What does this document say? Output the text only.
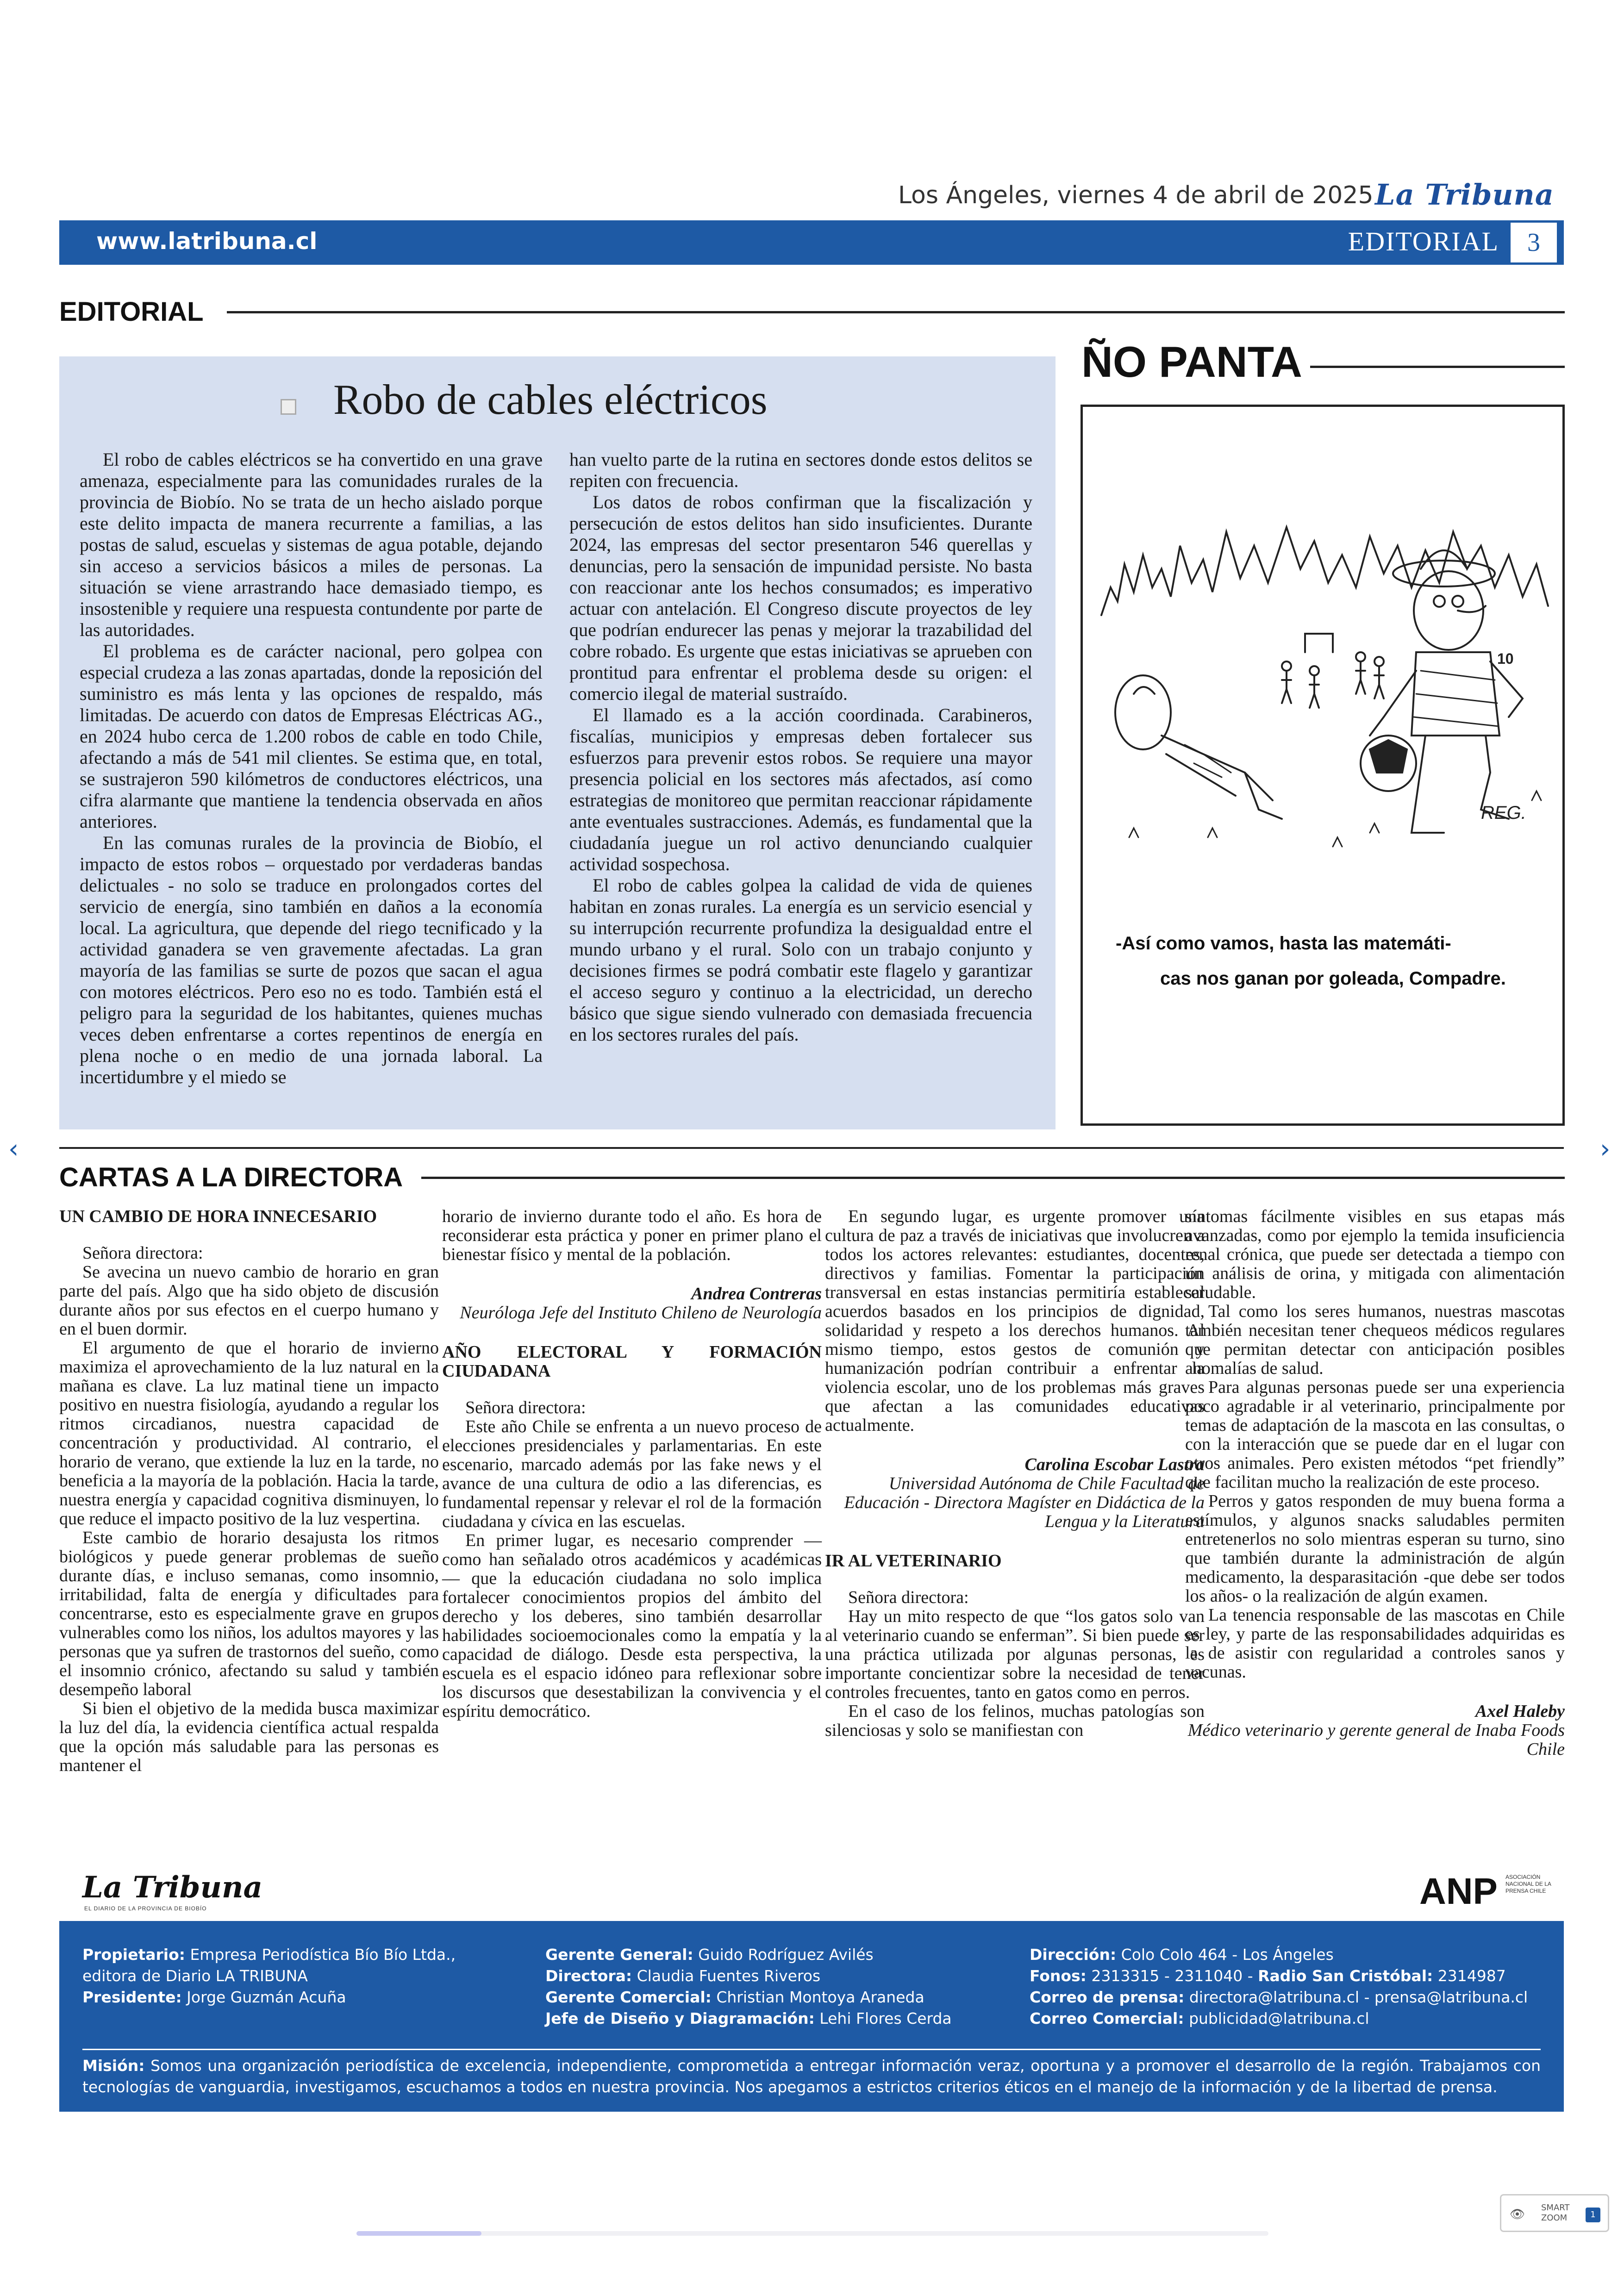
Los Ángeles, viernes 4 de abril de 2025 La Tribuna
www.latribuna.cl	EDITORIAL	3
EDITORIAL
Robo de cables eléctricos

El robo de cables eléctricos se ha convertido en una grave amenaza, especialmente para las comunidades rurales de la provincia de Biobío. No se trata de un hecho aislado porque este delito impacta de manera recurrente a familias, a las postas de salud, escuelas y sistemas de agua potable, dejando sin acceso a servicios básicos a miles de personas. La situación se viene arrastrando hace demasiado tiempo, es insostenible y requiere una respuesta contundente por parte de las autoridades.

El problema es de carácter nacional, pero golpea con especial crudeza a las zonas apartadas, donde la reposición del suministro es más lenta y las opciones de respaldo, más limitadas. De acuerdo con datos de Empresas Eléctricas AG., en 2024 hubo cerca de 1.200 robos de cable en todo Chile, afectando a más de 541 mil clientes. Se estima que, en total, se sustrajeron 590 kilómetros de conductores eléctricos, una cifra alarmante que mantiene la tendencia observada en años anteriores.

En las comunas rurales de la provincia de Biobío, el impacto de estos robos – orquestado por verdaderas bandas delictuales - no solo se traduce en prolongados cortes del servicio de energía, sino también en daños a la economía local. La agricultura, que depende del riego tecnificado y la actividad ganadera se ven gravemente afectadas. La gran mayoría de las familias se surte de pozos que sacan el agua con motores eléctricos. Pero eso no es todo. También está el peligro para la seguridad de los habitantes, quienes muchas veces deben enfrentarse a cortes repentinos de energía en plena noche o en medio de una jornada laboral. La incertidumbre y el miedo se

han vuelto parte de la rutina en sectores donde estos delitos se repiten con frecuencia.

Los datos de robos confirman que la fiscalización y persecución de estos delitos han sido insuficientes. Durante 2024, las empresas del sector presentaron 546 querellas y denuncias, pero la sensación de impunidad persiste. No basta con reaccionar ante los hechos consumados; es imperativo actuar con antelación. El Congreso discute proyectos de ley que podrían endurecer las penas y mejorar la trazabilidad del cobre robado. Es urgente que estas iniciativas se aprueben con prontitud para enfrentar el problema desde su origen: el comercio ilegal de material sustraído.

El llamado es a la acción coordinada. Carabineros, fiscalías, municipios y empresas deben fortalecer sus esfuerzos para prevenir estos robos. Se requiere una mayor presencia policial en los sectores más afectados, así como estrategias de monitoreo que permitan reaccionar rápidamente ante eventuales sustracciones. Además, es fundamental que la ciudadanía juegue un rol activo denunciando cualquier actividad sospechosa.

El robo de cables golpea la calidad de vida de quienes habitan en zonas rurales. La energía es un servicio esencial y su interrupción recurrente profundiza la desigualdad entre el mundo urbano y el rural. Solo con un trabajo conjunto y decisiones firmes se podrá combatir este flagelo y garantizar el acceso seguro y continuo a la electricidad, un derecho básico que sigue siendo vulnerado con demasiada frecuencia en los sectores rurales del país.

ÑO PANTA
10
REG.
-Así como vamos, hasta las matemáti-
cas nos ganan por goleada, Compadre.
CARTAS A LA DIRECTORA
UN CAMBIO DE HORA INNECESARIO

Señora directora:

Se avecina un nuevo cambio de horario en gran parte del país. Algo que ha sido objeto de discusión durante años por sus efectos en el cuerpo humano y en el buen dormir.

El argumento de que el horario de invierno maximiza el aprovechamiento de la luz natural en la mañana es clave. La luz matinal tiene un impacto positivo en nuestra fisiología, ayudando a regular los ritmos circadianos, nuestra capacidad de concentración y productividad. Al contrario, el horario de verano, que extiende la luz en la tarde, no beneficia a la mayoría de la población. Hacia la tarde, nuestra energía y capacidad cognitiva disminuyen, lo que reduce el impacto positivo de la luz vespertina.

Este cambio de horario desajusta los ritmos biológicos y puede generar problemas de sueño durante días, e incluso semanas, como insomnio, irritabilidad, falta de energía y dificultades para concentrarse, esto es especialmente grave en grupos vulnerables como los niños, los adultos mayores y las personas que ya sufren de trastornos del sueño, como el insomnio crónico, afectando su salud y también desempeño laboral

Si bien el objetivo de la medida busca maximizar la luz del día, la evidencia científica actual respalda que la opción más saludable para las personas es mantener el

horario de invierno durante todo el año. Es hora de reconsiderar esta práctica y poner en primer plano el bienestar físico y mental de la población.

Andrea Contreras

Neuróloga Jefe del Instituto Chileno de Neurología

AÑO ELECTORAL Y FORMACIÓN CIUDADANA

Señora directora:

Este año Chile se enfrenta a un nuevo proceso de elecciones presidenciales y parlamentarias. En este escenario, marcado además por las fake news y el avance de una cultura de odio a las diferencias, es fundamental repensar y relevar el rol de la formación ciudadana y cívica en las escuelas.

En primer lugar, es necesario comprender — como han señalado otros académicos y académicas — que la educación ciudadana no solo implica fortalecer conocimientos propios del ámbito del derecho y los deberes, sino también desarrollar habilidades socioemocionales como la empatía y la capacidad de diálogo. Desde esta perspectiva, la escuela es el espacio idóneo para reflexionar sobre los discursos que desestabilizan la convivencia y el espíritu democrático.

En segundo lugar, es urgente promover una cultura de paz a través de iniciativas que involucren a todos los actores relevantes: estudiantes, docentes, directivos y familias. Fomentar la participación transversal en estas instancias permitiría establecer acuerdos basados en los principios de dignidad, solidaridad y respeto a los derechos humanos. Al mismo tiempo, estos gestos de comunión y humanización podrían contribuir a enfrentar la violencia escolar, uno de los problemas más graves que afectan a las comunidades educativas actualmente.

Carolina Escobar Lastra

Universidad Autónoma de Chile Facultad de Educación - Directora Magíster en Didáctica de la Lengua y la Literatura

IR AL VETERINARIO

Señora directora:

Hay un mito respecto de que “los gatos solo van al veterinario cuando se enferman”. Si bien puede ser una práctica utilizada por algunas personas, es importante concientizar sobre la necesidad de tener controles frecuentes, tanto en gatos como en perros.

En el caso de los felinos, muchas patologías son silenciosas y solo se manifiestan con

síntomas fácilmente visibles en sus etapas más avanzadas, como por ejemplo la temida insuficiencia renal crónica, que puede ser detectada a tiempo con un análisis de orina, y mitigada con alimentación saludable.

Tal como los seres humanos, nuestras mascotas también necesitan tener chequeos médicos regulares que permitan detectar con anticipación posibles anomalías de salud.

Para algunas personas puede ser una experiencia poco agradable ir al veterinario, principalmente por temas de adaptación de la mascota en las consultas, o con la interacción que se puede dar en el lugar con otros animales. Pero existen métodos “pet friendly” que facilitan mucho la realización de este proceso.

Perros y gatos responden de muy buena forma a estímulos, y algunos snacks saludables permiten entretenerlos no solo mientras esperan su turno, sino que también durante la administración de algún medicamento, la desparasitación -que debe ser todos los años- o la realización de algún examen.

La tenencia responsable de las mascotas en Chile es ley, y parte de las responsabilidades adquiridas es la de asistir con regularidad a controles sanos y vacunas.

Axel Haleby

Médico veterinario y gerente general de Inaba Foods Chile

La Tribuna
EL DIARIO DE LA PROVINCIA DE BIOBÍO	ANP ASOCIACIÓN NACIONAL DE LA PRENSA CHILE
Propietario: Empresa Periodística Bío Bío Ltda.,
editora de Diario LA TRIBUNA
Presidente: Jorge Guzmán Acuña
Gerente General: Guido Rodríguez Avilés
Directora: Claudia Fuentes Riveros
Gerente Comercial: Christian Montoya Araneda
Jefe de Diseño y Diagramación: Lehi Flores Cerda
Dirección: Colo Colo 464 - Los Ángeles
Fonos: 2313315 - 2311040 - Radio San Cristóbal: 2314987
Correo de prensa: directora@latribuna.cl - prensa@latribuna.cl
Correo Comercial: publicidad@latribuna.cl
Misión: Somos una organización periodística de excelencia, independiente, comprometida a entregar información veraz, oportuna y a promover el desarrollo de la región. Trabajamos con tecnologías de vanguardia, investigamos, escuchamos a todos en nuestra provincia. Nos apegamos a estrictos criterios éticos en el manejo de la información y de la libertad de prensa.
‹	›
👁 SMART
ZOOM	1
